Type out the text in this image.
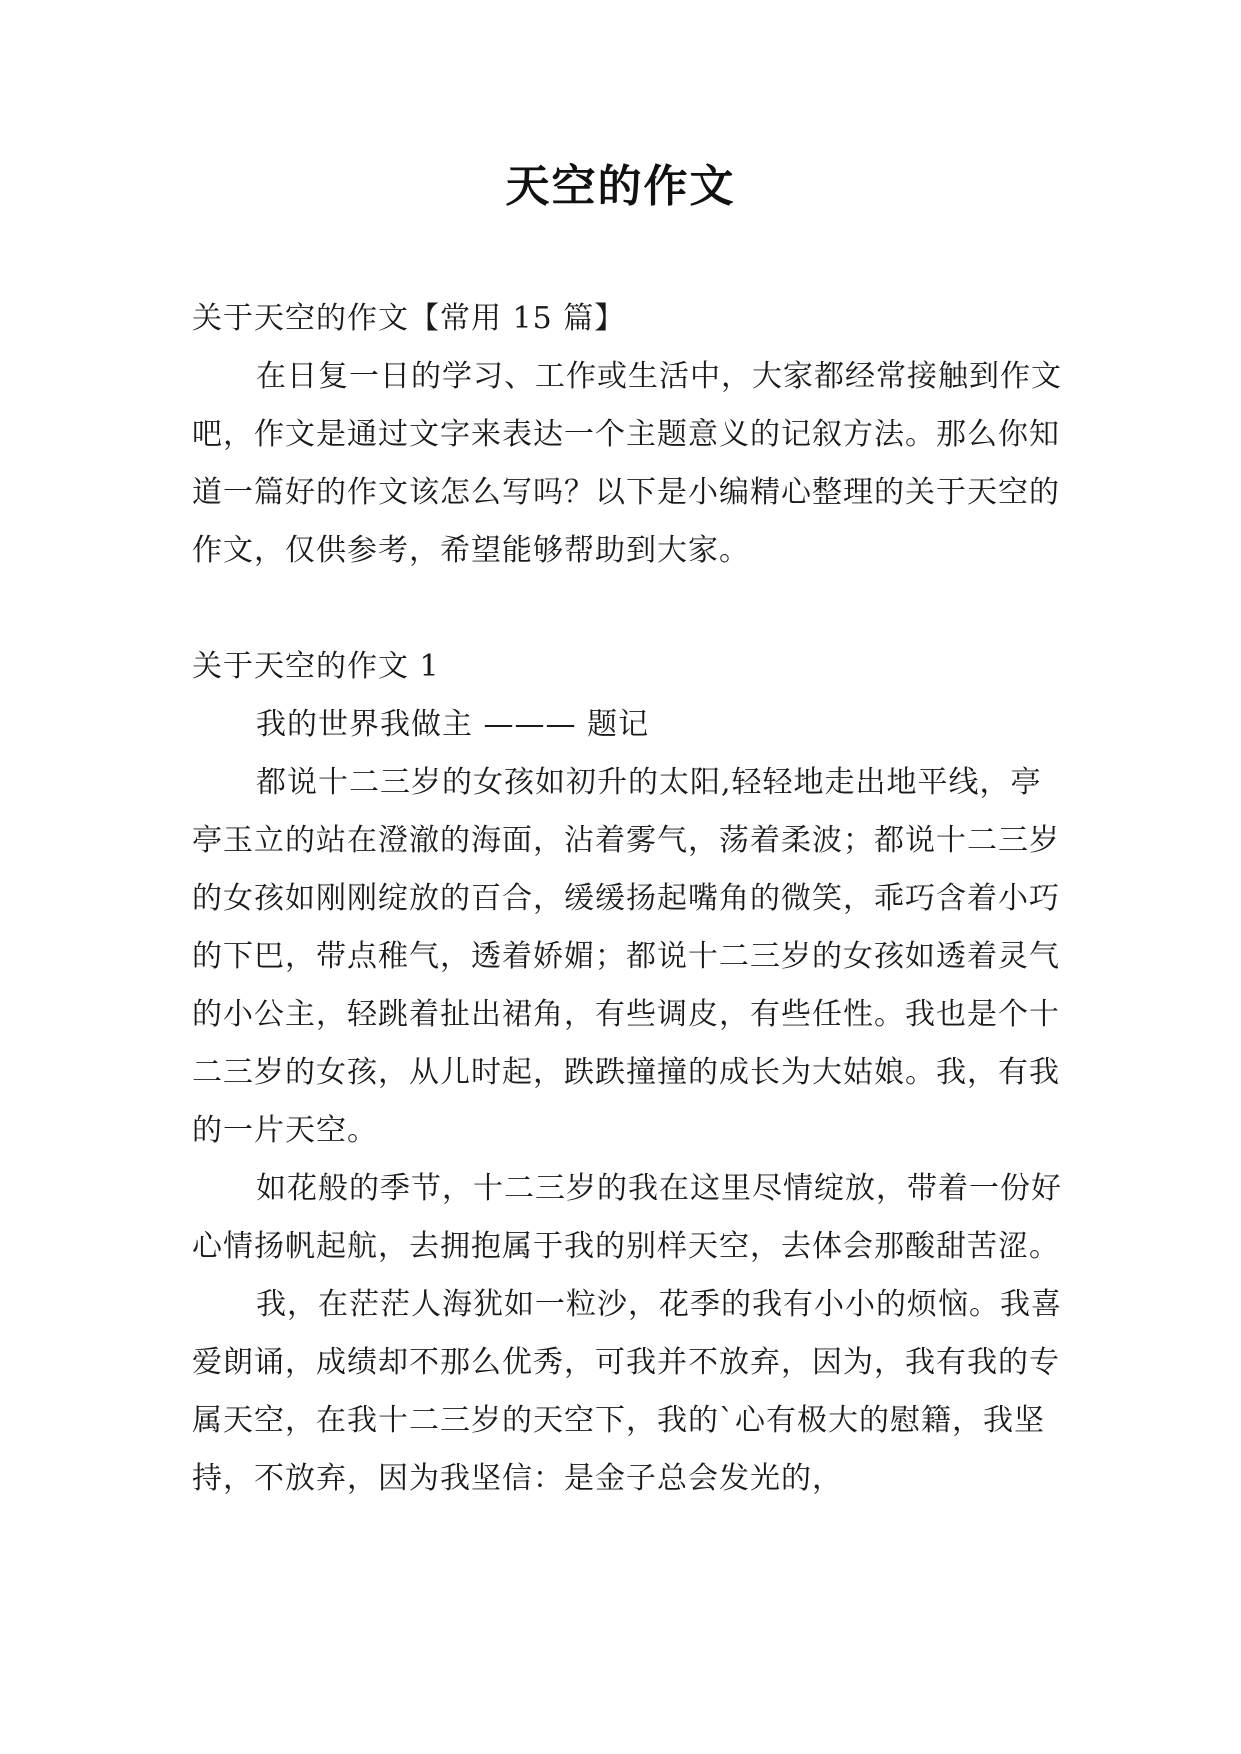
天空的作文

关于天空的作文【常用 15 篇】

在日复一日的学习、工作或生活中，大家都经常接触到作文吧，作文是通过文字来表达一个主题意义的记叙方法。那么你知道一篇好的作文该怎么写吗？以下是小编精心整理的关于天空的作文，仅供参考，希望能够帮助到大家。

关于天空的作文 1

我的世界我做主 ——— 题记

都说十二三岁的女孩如初升的太阳,轻轻地走出地平线，亭亭玉立的站在澄澈的海面，沾着雾气，荡着柔波；都说十二三岁的女孩如刚刚绽放的百合，缓缓扬起嘴角的微笑，乖巧含着小巧的下巴，带点稚气，透着娇媚；都说十二三岁的女孩如透着灵气的小公主，轻跳着扯出裙角，有些调皮，有些任性。我也是个十二三岁的女孩，从儿时起，跌跌撞撞的成长为大姑娘。我，有我的一片天空。

如花般的季节，十二三岁的我在这里尽情绽放，带着一份好心情扬帆起航，去拥抱属于我的别样天空，去体会那酸甜苦涩。

我，在茫茫人海犹如一粒沙，花季的我有小小的烦恼。我喜爱朗诵，成绩却不那么优秀，可我并不放弃，因为，我有我的专属天空，在我十二三岁的天空下，我的`心有极大的慰籍，我坚持，不放弃，因为我坚信：是金子总会发光的，
